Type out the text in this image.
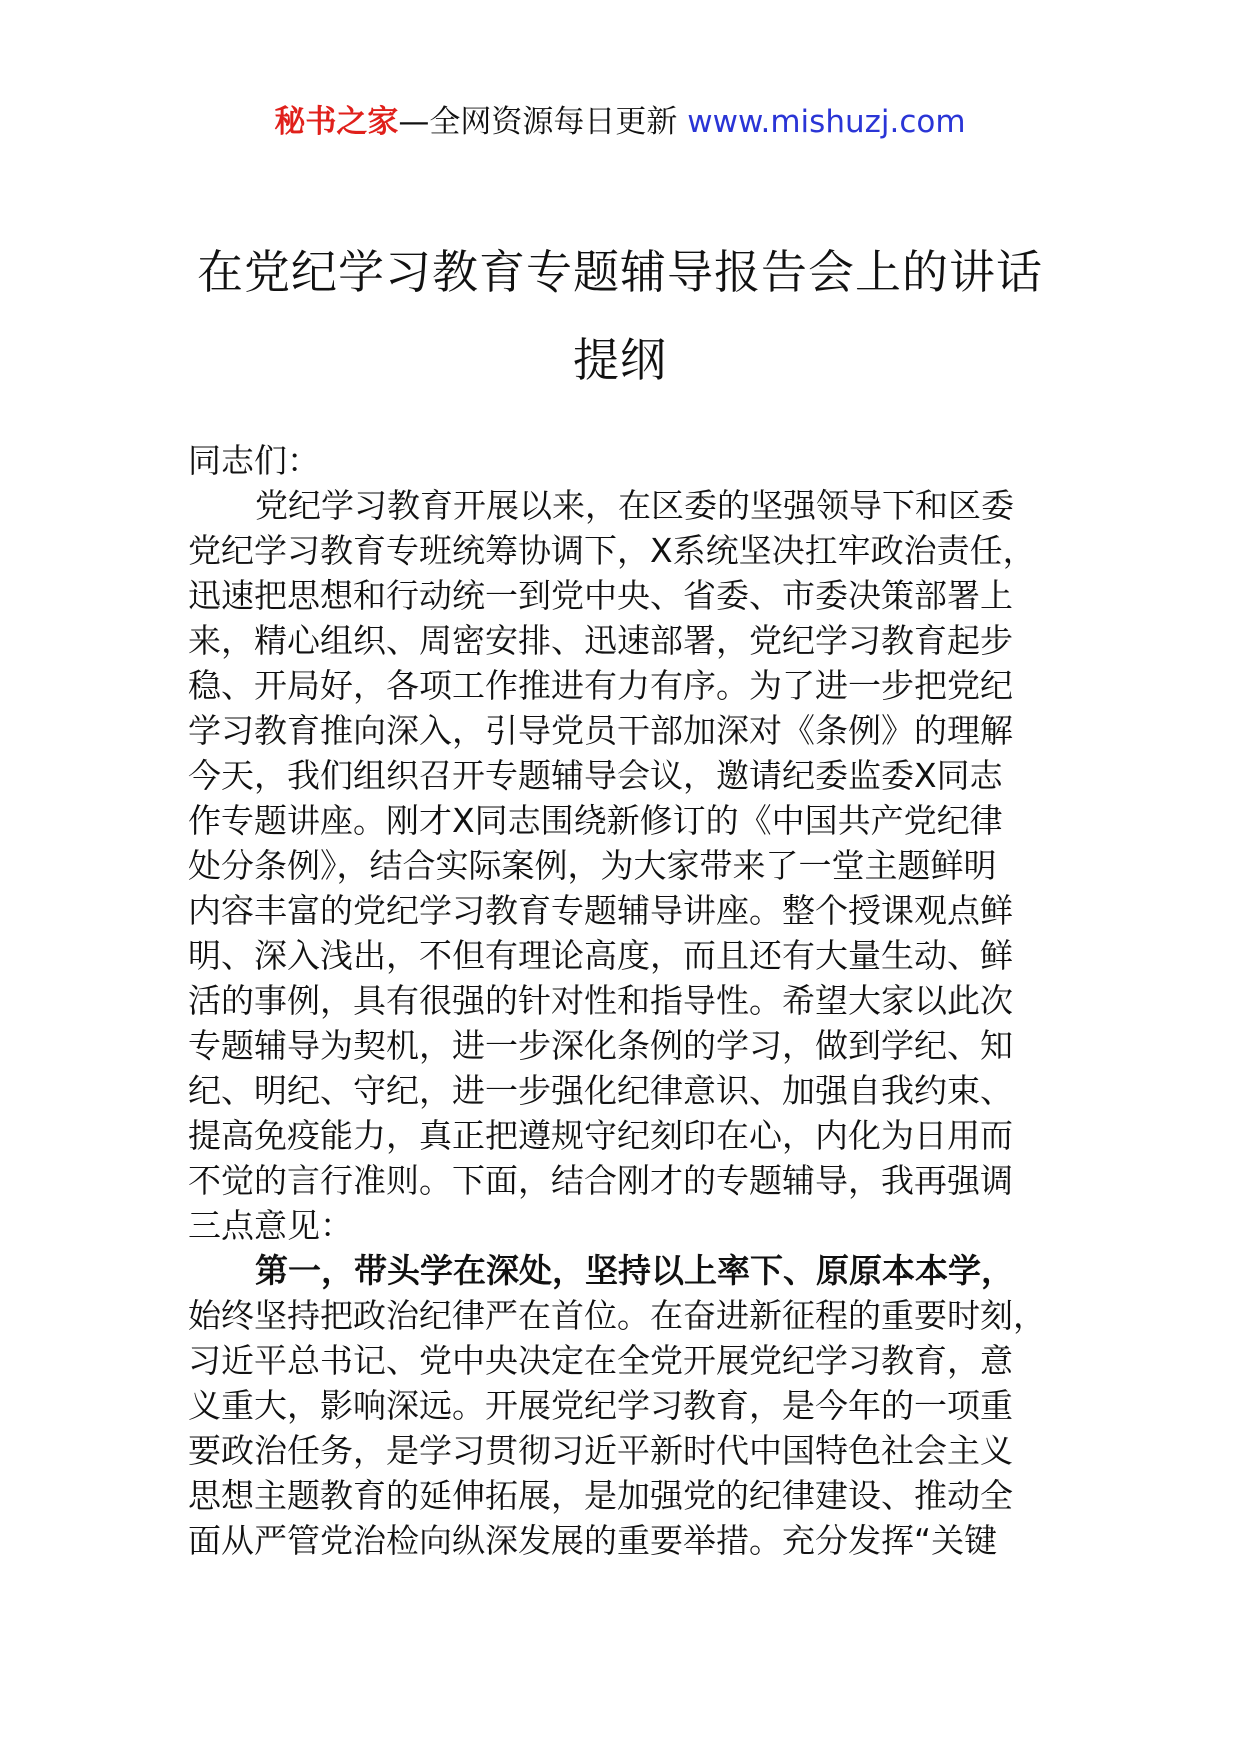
秘书之家—全网资源每日更新 www.mishuzj.com
在党纪学习教育专题辅导报告会上的讲话
提纲
同志们：
党纪学习教育开展以来，在区委的坚强领导下和区委
党纪学习教育专班统筹协调下，X系统坚决扛牢政治责任，
迅速把思想和行动统一到党中央、省委、市委决策部署上
来，精心组织、周密安排、迅速部署，党纪学习教育起步
稳、开局好，各项工作推进有力有序。为了进一步把党纪
学习教育推向深入，引导党员干部加深对《条例》的理解
今天，我们组织召开专题辅导会议，邀请纪委监委X同志
作专题讲座。刚才X同志围绕新修订的《中国共产党纪律
处分条例》，结合实际案例，为大家带来了一堂主题鲜明
内容丰富的党纪学习教育专题辅导讲座。整个授课观点鲜
明、深入浅出，不但有理论高度，而且还有大量生动、鲜
活的事例，具有很强的针对性和指导性。希望大家以此次
专题辅导为契机，进一步深化条例的学习，做到学纪、知
纪、明纪、守纪，进一步强化纪律意识、加强自我约束、
提高免疫能力，真正把遵规守纪刻印在心，内化为日用而
不觉的言行准则。下面，结合刚才的专题辅导，我再强调
三点意见：
第一，带头学在深处，坚持以上率下、原原本本学，
始终坚持把政治纪律严在首位。在奋进新征程的重要时刻，
习近平总书记、党中央决定在全党开展党纪学习教育，意
义重大，影响深远。开展党纪学习教育，是今年的一项重
要政治任务，是学习贯彻习近平新时代中国特色社会主义
思想主题教育的延伸拓展，是加强党的纪律建设、推动全
面从严管党治检向纵深发展的重要举措。充分发挥“关键
